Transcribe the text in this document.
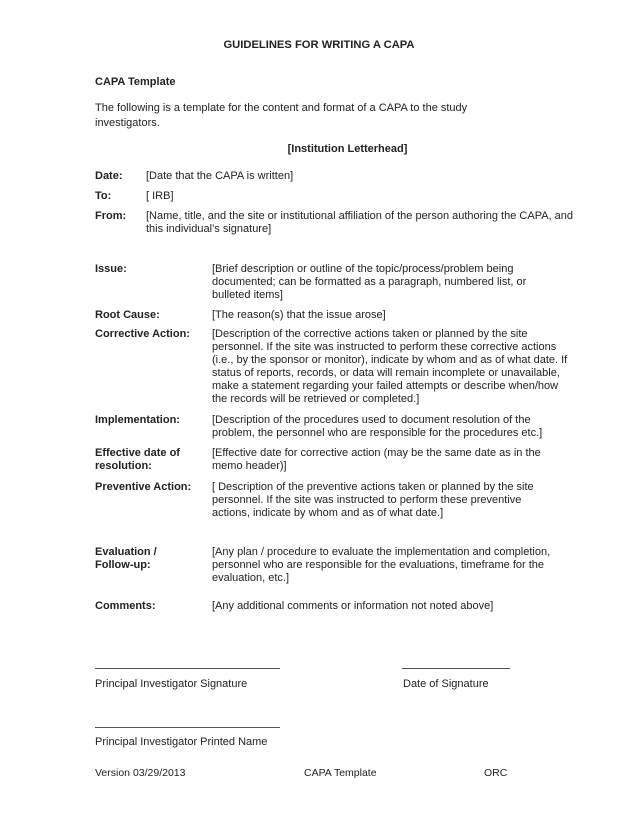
GUIDELINES FOR WRITING A CAPA
CAPA Template
The following is a template for the content and format of a CAPA to the study investigators.
[Institution Letterhead]
Date: [Date that the CAPA is written]
To:	[ IRB]
From: [Name, title, and the site or institutional affiliation of the person authoring the CAPA, and this individual’s signature]
Issue:	[Brief description or outline of the topic/process/problem being documented; can be formatted as a paragraph, numbered list, or bulleted items]
Root Cause:	[The reason(s) that the issue arose]
Corrective Action: [Description of the corrective actions taken or planned by the site personnel. If the site was instructed to perform these corrective actions (i.e., by the sponsor or monitor), indicate by whom and as of what date. If status of reports, records, or data will remain incomplete or unavailable, make a statement regarding your failed attempts or describe when/how the records will be retrieved or completed.]
Implementation:	[Description of the procedures used to document resolution of the problem, the personnel who are responsible for the procedures etc.]
Effective date of resolution:
[Effective date for corrective action (may be the same date as in the memo header)]
Preventive Action: [ Description of the preventive actions taken or planned by the site personnel. If the site was instructed to perform these preventive actions, indicate by whom and as of what date.]
Evaluation / Follow-up:
[Any plan / procedure to evaluate the implementation and completion, personnel who are responsible for the evaluations, timeframe for the evaluation, etc.]
Comments:	[Any additional comments or information not noted above]
Principal Investigator Signature	Date of Signature
Principal Investigator Printed Name
Version 03/29/2013	CAPA Template	ORC
